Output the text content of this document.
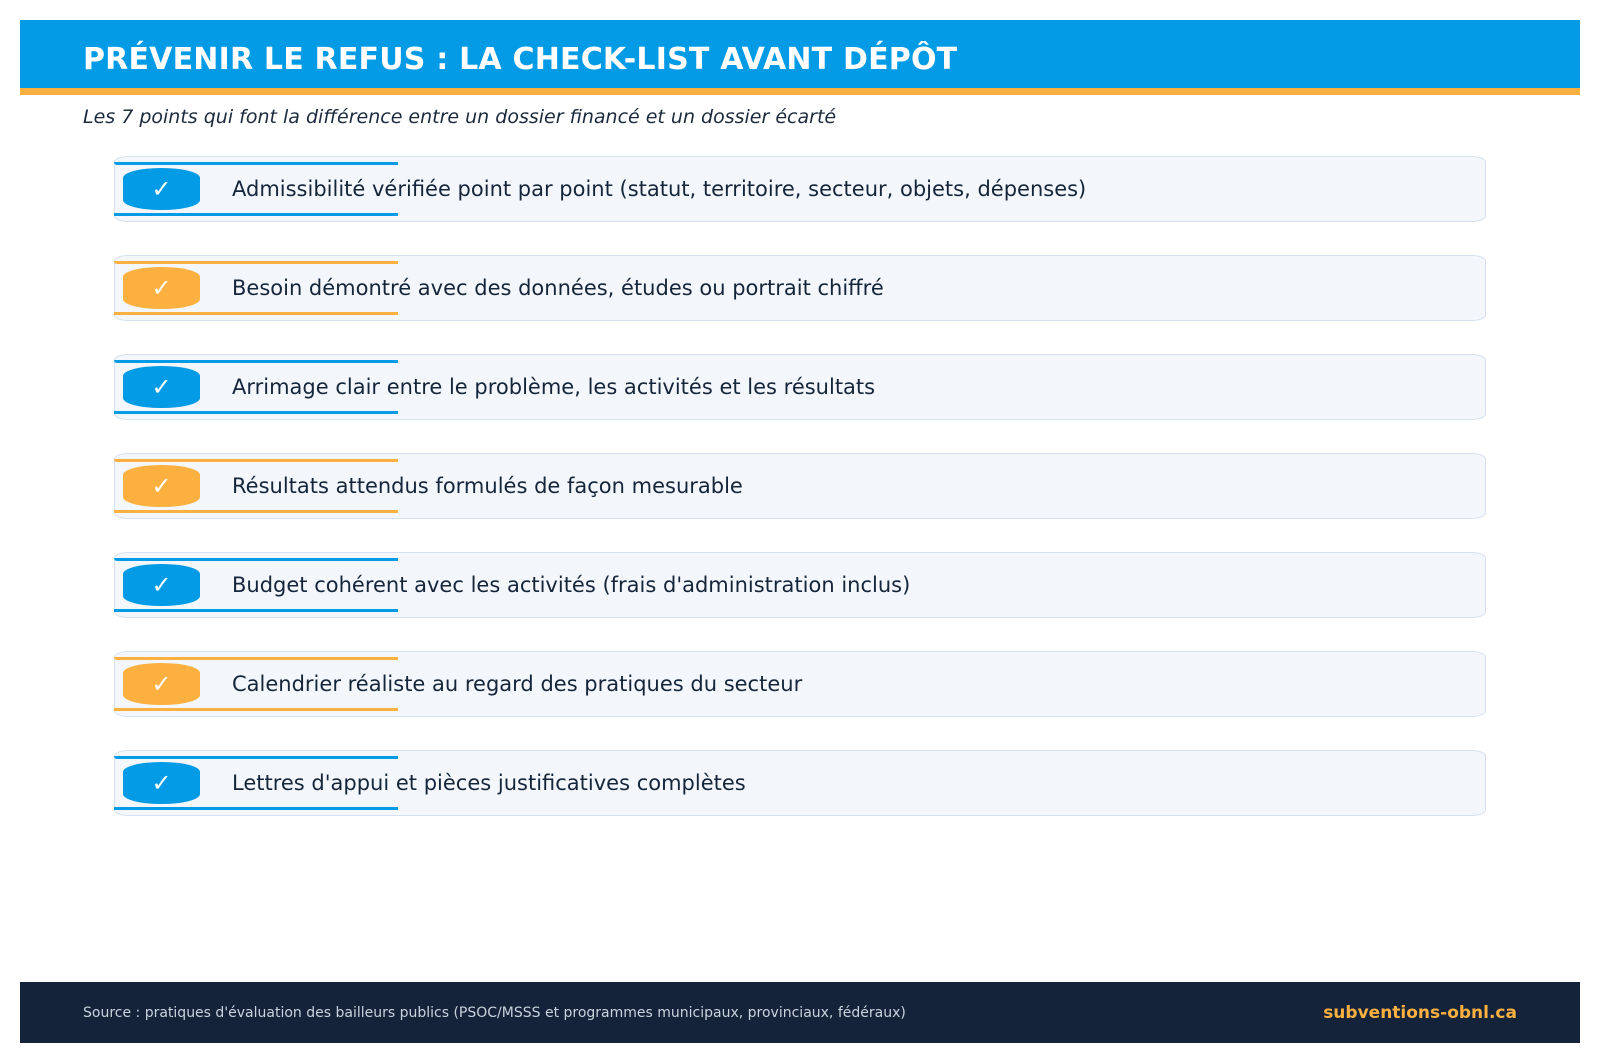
PRÉVENIR LE REFUS : LA CHECK-LIST AVANT DÉPÔT
Les 7 points qui font la différence entre un dossier financé et un dossier écarté
✓	Admissibilité vérifiée point par point (statut, territoire, secteur, objets, dépenses)
✓	Besoin démontré avec des données, études ou portrait chiffré
✓	Arrimage clair entre le problème, les activités et les résultats
✓	Résultats attendus formulés de façon mesurable
✓	Budget cohérent avec les activités (frais d'administration inclus)
✓	Calendrier réaliste au regard des pratiques du secteur
✓	Lettres d'appui et pièces justificatives complètes
Source : pratiques d'évaluation des bailleurs publics (PSOC/MSSS et programmes municipaux, provinciaux, fédéraux)	subventions-obnl.ca
